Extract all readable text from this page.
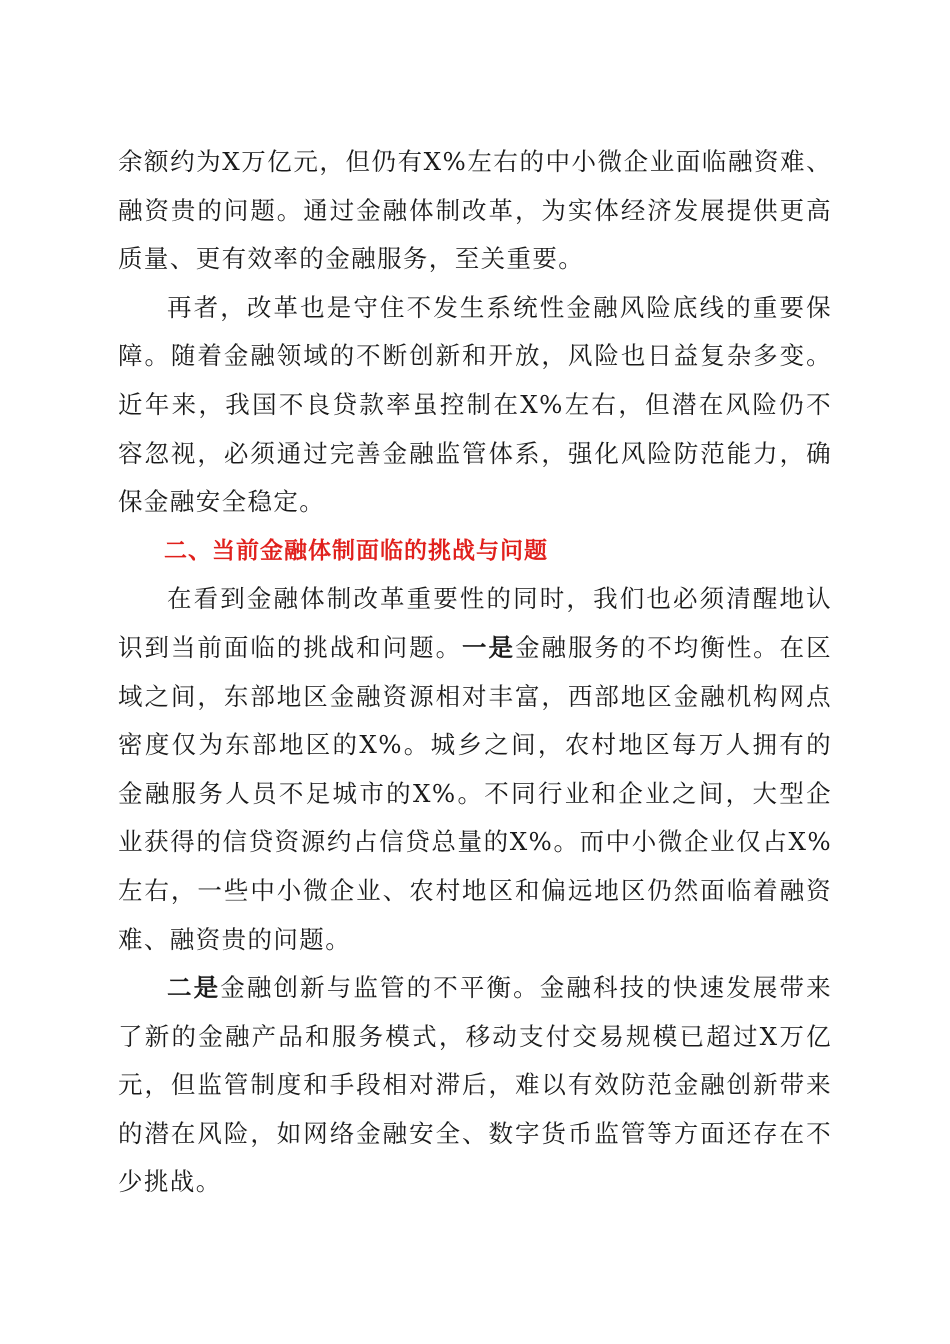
余额约为X万亿元，但仍有X%左右的中小微企业面临融资难、融资贵的问题。通过金融体制改革，为实体经济发展提供更高质量、更有效率的金融服务，至关重要。

再者，改革也是守住不发生系统性金融风险底线的重要保障。随着金融领域的不断创新和开放，风险也日益复杂多变。近年来，我国不良贷款率虽控制在X%左右，但潜在风险仍不容忽视，必须通过完善金融监管体系，强化风险防范能力，确保金融安全稳定。

二、当前金融体制面临的挑战与问题

在看到金融体制改革重要性的同时，我们也必须清醒地认识到当前面临的挑战和问题。一是金融服务的不均衡性。在区域之间，东部地区金融资源相对丰富，西部地区金融机构网点密度仅为东部地区的X%。城乡之间，农村地区每万人拥有的金融服务人员不足城市的X%。不同行业和企业之间，大型企业获得的信贷资源约占信贷总量的X%。而中小微企业仅占X%左右，一些中小微企业、农村地区和偏远地区仍然面临着融资难、融资贵的问题。

二是金融创新与监管的不平衡。金融科技的快速发展带来了新的金融产品和服务模式，移动支付交易规模已超过X万亿元，但监管制度和手段相对滞后，难以有效防范金融创新带来的潜在风险，如网络金融安全、数字货币监管等方面还存在不少挑战。
